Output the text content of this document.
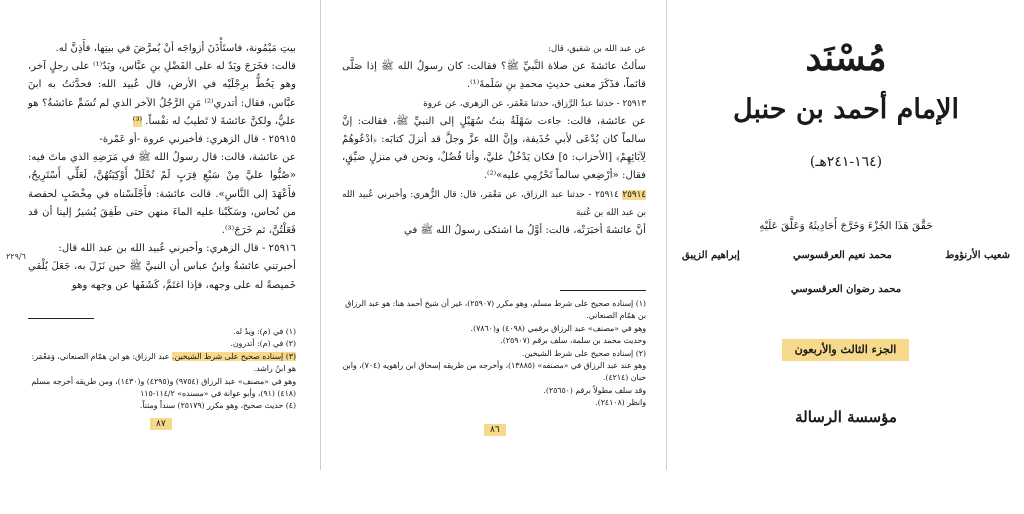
بيتِ مَيْمُونة، فاستَأْذَنَ أزواجَه أنْ يُمرَّضَ في بيتِها، فأَذِنَّ له.
قالت: فخَرَجَ ويَدٌ له على الفَضْلِ بنِ عبَّاس، ويَدٌ⁽¹⁾ على رجلٍ آخر، وهو يَخُطُّ برِجْلَيْه في الأرض، قال عُبيد الله: فحدَّثتُ به ابنَ عبَّاس، فقال: أتدري⁽²⁾ مَنِ الرَّجُلُ الآخر الذي لم تُسَمِّ عائشةُ؟ هو عليٌّ، ولكنَّ عائشةَ لا تَطيبُ له نفْساً. ⁽³⁾
٢٥٩١٥ - قال الزهري: فأخبرني عروة -أو عَمْرة-
عن عائشة، قالت: قال رسولُ الله ﷺ في مَرَضِهِ الذي ماتَ فيه: «صُبُّوا عليَّ مِنْ سَبْعِ قِرَبٍ لَمْ تُحْلَلْ أَوْكِيَتُهُنَّ، لَعَلِّي أَسْتَرِيحُ، فأَعْهَدَ إلى النَّاسِ». قالت عائشة: فأَجْلَسْناه في مِخْضَبٍ لحفصة من نُحاس، وسَكَبْنا عليه الماءَ منهن حتى طَفِقَ يُشيرُ إلينا أن قد فَعَلْتُنَّ، ثم خَرَجَ⁽³⁾.
٢٥٩١٦ - قال الزهري: وأخبرني عُبيد الله بن عبد الله قال:
أخبرتني عائشةُ وابنُ عباس أن النبيَّ ﷺ حين نَزَلَ به، جَعَلَ يُلْقي خَميصةً له على وجهه، فإذا اغتَمَّ، كَشَفَها عن وجهه وهو
٢٢٩/٦
(١) في (م): ويدٌ له.
(٢) في (م): أتدرون.
(٣) إسناده صحيح على شرط الشيخين. عبد الرزاق: هو ابن همّام الصنعاني، وَمَعْمَر: هو ابنُ راشد.
وهو في «مصنف» عبد الرزاق (٩٧٥٤) و(٤٢٩٥) و(١٤٣٠)، ومن طريقه أخرجه مسلم (٤١٨) (٩١)، وأبو عوانة في «مسنده» ١١٤/٢-١١٥
(٤) حديث صحيح، وهو مكرر (٢٥١٧٩) سنداً ومتناً.
٨٧
عن عبد الله بن شقيق، قال:
سألتُ عائشةَ عن صلاة النَّبيِّ ﷺ؟ فقالت: كان رسولُ الله ﷺ إذا صَلَّى قائماً، فذَكَرَ معنى حديثِ محمدِ بنِ سَلَمةَ⁽¹⁾.
٢٥٩١٣ - حدثنا عبدُ الرَّزاق، حدثنا مَعْمَر، عن الزهري، عن عروة
عن عائشة، قالت: جاءت سَهْلَةُ بنتُ سُهَيْلٍ إلى النبيِّ ﷺ، فقالت: إنَّ سالماً كان يُدْعَى لأبي حُذَيفة، وإنَّ الله عزَّ وجلَّ قد أنزلَ كتابَه: ﴿ادْعُوهُمْ لِآبَائِهِمْ﴾ [الأحزاب: ٥] فكان يَدْخُلُ عليَّ، وأنا فُضُلٌ، ونحن في منزلٍ ضيِّقٍ، فقال: «أرْضِعي سالماً تَحْرُمِي عليه»⁽²⁾.
٢٥٩١٤ ٢٥٩١٤ - حدثنا عبد الرزاق، عن مَعْمَر، قال: قال الزُّهري: وأخبرني عُبيد الله بن عبد الله بن عُتبة
أنَّ عائشةَ أخبَرَتْه، قالت: أوَّلُ ما اشتكى رسولُ الله ﷺ في
(١) إسناده صحيح على شرط مسلم، وهو مكرر (٢٥٩٠٧)، غير أن شيخ أحمد هنا: هو عبد الرزاق بن همّام الصنعاني.
وهو في «مصنف» عبد الرزاق برقمي (٤٠٩٨) و(٧٨٦٠).
وحديث محمد بن سلمة، سلف برقم (٢٥٩٠٧).
(٢) إسناده صحيح على شرط الشيخين.
وهو عند عبد الرزاق في «مصنفه» (١٣٨٨٥)، وأخرجه من طريقه إسحاق ابن راهويه (٧٠٤)، وابن حبان (٤٢١٤).
وقد سلف مطولاً برقم (٢٥٦٥٠).
وانظر (٢٤١٠٨).
٨٦
مُسْنَد
الإمام أحمد بن حنبل
(١٦٤-٢٤١هـ)
حَقَّقَ هَذَا الجُزْءَ وَخَرَّجَ أَحَادِيثَهُ وَعَلَّقَ عَلَيْهِ
شعيب الأرنؤوط
محمد نعيم العرقسوسي
إبراهيم الزيبق
محمد رضوان العرقسوسي
الجزء الثالث والأربعون
مؤسسة الرسالة
